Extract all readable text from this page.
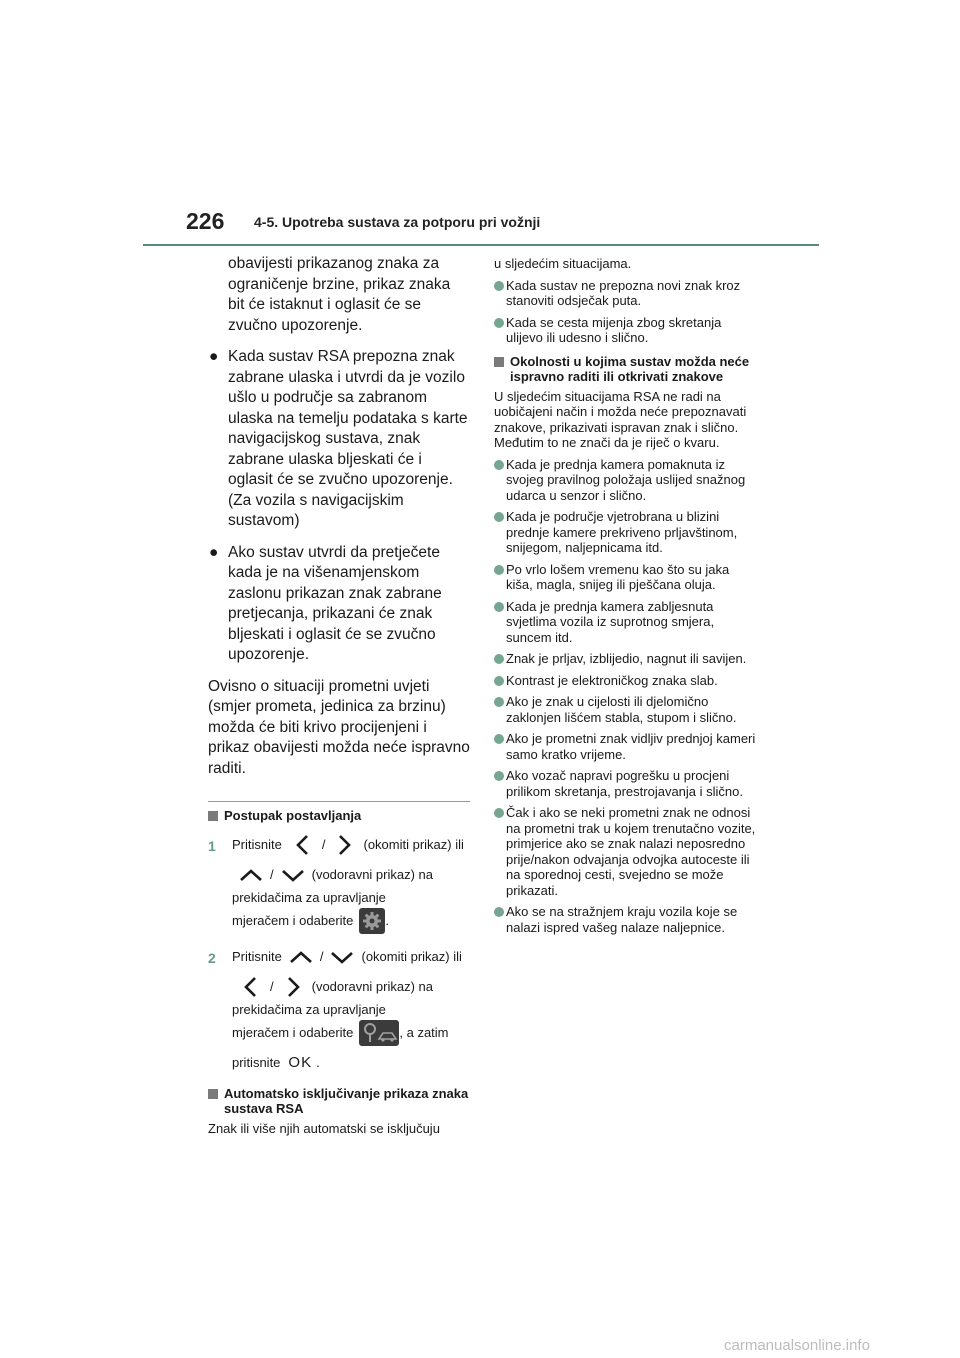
226 4-5. Upotreba sustava za potporu pri vožnji

obavijesti prikazanog znaka za ograničenje brzine, prikaz znaka bit će istaknut i oglasit će se zvučno upozorenje.

● Kada sustav RSA prepozna znak zabrane ulaska i utvrdi da je vozilo ušlo u područje sa zabranom ulaska na temelju podataka s karte navigacijskog sustava, znak zabrane ulaska bljeskati će i oglasit će se zvučno upozorenje. (Za vozila s navigacijskim sustavom)
● Ako sustav utvrdi da pretječete kada je na višenamjenskom zaslonu prikazan znak zabrane pretjecanja, prikazani će znak bljeskati i oglasit će se zvučno upozorenje.

Ovisno o situaciji prometni uvjeti (smjer prometa, jedinica za brzinu) možda će biti krivo procijenjeni i prikaz obavijesti možda neće ispravno raditi.

Postupak postavljanja
1 Pritisnite	/	(okomiti prikaz) ili
/	(vodoravni prikaz) na
prekidačima za upravljanje
mjeračem i odaberite .
2 Pritisnite	/	(okomiti prikaz) ili
/	(vodoravni prikaz) na
prekidačima za upravljanje
mjeračem i odaberite	, a zatim
pritisnite OK .
Automatsko isključivanje prikaza znaka sustava RSA

Znak ili više njih automatski se isključuju

u sljedećim situacijama.

Kada sustav ne prepozna novi znak kroz stanoviti odsječak puta.
Kada se cesta mijenja zbog skretanja ulijevo ili udesno i slično.
Okolnosti u kojima sustav možda neće ispravno raditi ili otkrivati znakove

U sljedećim situacijama RSA ne radi na uobičajeni način i možda neće prepoznavati znakove, prikazivati ispravan znak i slično. Međutim to ne znači da je riječ o kvaru.

Kada je prednja kamera pomaknuta iz svojeg pravilnog položaja uslijed snažnog udarca u senzor i slično.
Kada je područje vjetrobrana u blizini prednje kamere prekriveno prljavštinom, snijegom, naljepnicama itd.
Po vrlo lošem vremenu kao što su jaka kiša, magla, snijeg ili pješčana oluja.
Kada je prednja kamera zabljesnuta svjetlima vozila iz suprotnog smjera, suncem itd.
Znak je prljav, izblijedio, nagnut ili savijen.
Kontrast je elektroničkog znaka slab.
Ako je znak u cijelosti ili djelomično zaklonjen lišćem stabla, stupom i slično.
Ako je prometni znak vidljiv prednjoj kameri samo kratko vrijeme.
Ako vozač napravi pogrešku u procjeni prilikom skretanja, prestrojavanja i slično.
Čak i ako se neki prometni znak ne odnosi na prometni trak u kojem trenutačno vozite, primjerice ako se znak nalazi neposredno prije/nakon odvajanja odvojka autoceste ili na sporednoj cesti, svejedno se može prikazati.
Ako se na stražnjem kraju vozila koje se nalazi ispred vašeg nalaze naljepnice.
carmanualsonline.info
